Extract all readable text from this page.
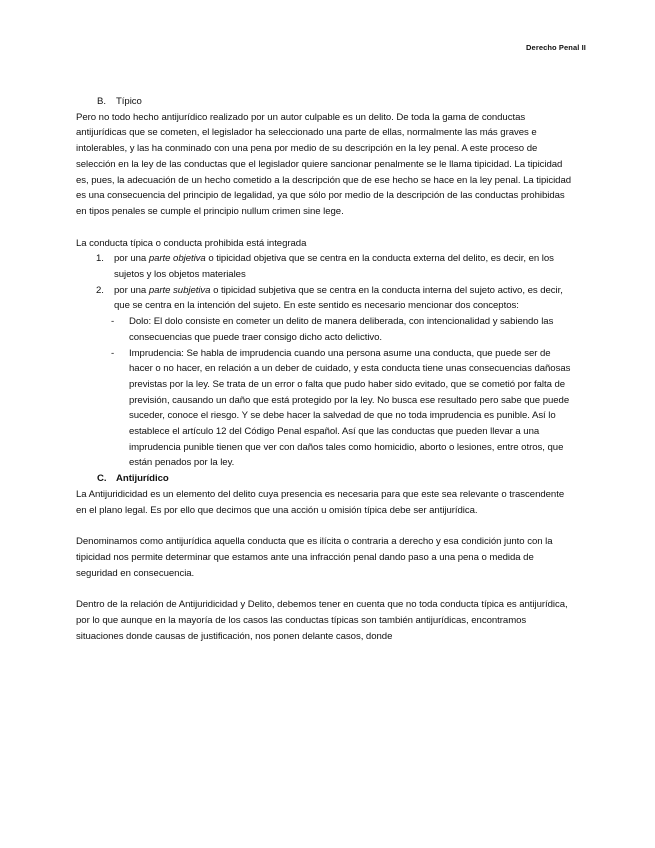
Derecho Penal II
B.	Típico

Pero no todo hecho antijurídico realizado por un autor culpable es un delito. De toda la gama de conductas antijurídicas que se cometen, el legislador ha seleccionado una parte de ellas, normalmente las más graves e intolerables, y las ha conminado con una pena por medio de su descripción en la ley penal. A este proceso de selección en la ley de las conductas que el legislador quiere sancionar penalmente se le llama tipicidad. La tipicidad es, pues, la adecuación de un hecho cometido a la descripción que de ese hecho se hace en la ley penal. La tipicidad es una consecuencia del principio de legalidad, ya que sólo por medio de la descripción de las conductas prohibidas en tipos penales se cumple el principio nullum crimen sine lege.

La conducta típica o conducta prohibida está integrada

1.	por una parte objetiva o tipicidad objetiva que se centra en la conducta externa del delito, es decir, en los sujetos y los objetos materiales
2.	por una parte subjetiva o tipicidad subjetiva que se centra en la conducta interna del sujeto activo, es decir, que se centra en la intención del sujeto. En este sentido es necesario mencionar dos conceptos:
-	Dolo: El dolo consiste en cometer un delito de manera deliberada, con intencionalidad y sabiendo las consecuencias que puede traer consigo dicho acto delictivo.
-	Imprudencia: Se habla de imprudencia cuando una persona asume una conducta, que puede ser de hacer o no hacer, en relación a un deber de cuidado, y esta conducta tiene unas consecuencias dañosas previstas por la ley. Se trata de un error o falta que pudo haber sido evitado, que se cometió por falta de previsión, causando un daño que está protegido por la ley. No busca ese resultado pero sabe que puede suceder, conoce el riesgo. Y se debe hacer la salvedad de que no toda imprudencia es punible. Así lo establece el artículo 12 del Código Penal español. Así que las conductas que pueden llevar a una imprudencia punible tienen que ver con daños tales como homicidio, aborto o lesiones, entre otros, que están penados por la ley.
C. Antijurídico

La Antijuridicidad es un elemento del delito cuya presencia es necesaria para que este sea relevante o trascendente en el plano legal. Es por ello que decimos que una acción u omisión típica debe ser antijurídica.

Denominamos como antijurídica aquella conducta que es ilícita o contraria a derecho y esa condición junto con la tipicidad nos permite determinar que estamos ante una infracción penal dando paso a una pena o medida de seguridad en consecuencia.

Dentro de la relación de Antijuridicidad y Delito, debemos tener en cuenta que no toda conducta típica es antijurídica, por lo que aunque en la mayoría de los casos las conductas típicas son también antijurídicas, encontramos situaciones donde causas de justificación, nos ponen delante casos, donde
